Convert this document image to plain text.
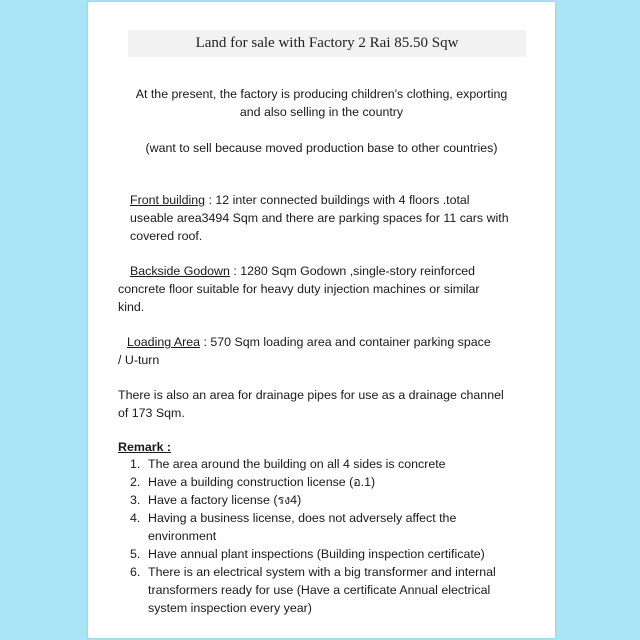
Land for sale with Factory 2 Rai 85.50 Sqw
At the present, the factory is producing children's clothing, exporting
and also selling in the country
(want to sell because moved production base to other countries)
Front building : 12 inter connected buildings with 4 floors .total
useable area3494 Sqm and there are parking spaces for 11 cars with
covered roof.
Backside Godown : 1280 Sqm Godown ,single-story reinforced
concrete floor suitable for heavy duty injection machines or similar
kind.
Loading Area : 570 Sqm loading area and container parking space
/ U-turn
There is also an area for drainage pipes for use as a drainage channel
of 173 Sqm.
Remark :
1. The area around the building on all 4 sides is concrete
2. Have a building construction license (อ.1)
3. Have a factory license (รง4)
4. Having a business license, does not adversely affect the
environment
5. Have annual plant inspections (Building inspection certificate)
6. There is an electrical system with a big transformer and internal
transformers ready for use (Have a certificate Annual electrical
system inspection every year)
